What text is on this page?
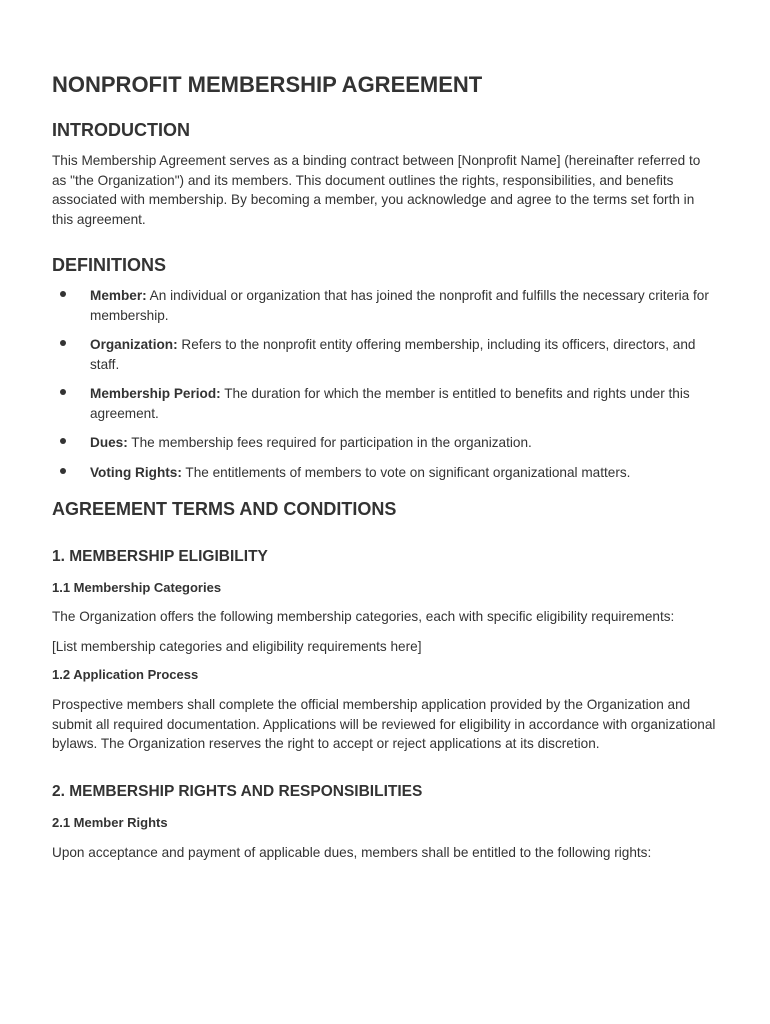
NONPROFIT MEMBERSHIP AGREEMENT
INTRODUCTION

This Membership Agreement serves as a binding contract between [Nonprofit Name] (hereinafter referred to as "the Organization") and its members. This document outlines the rights, responsibilities, and benefits associated with membership. By becoming a member, you acknowledge and agree to the terms set forth in this agreement.

DEFINITIONS
Member: An individual or organization that has joined the nonprofit and fulfills the necessary criteria for membership.
Organization: Refers to the nonprofit entity offering membership, including its officers, directors, and staff.
Membership Period: The duration for which the member is entitled to benefits and rights under this agreement.
Dues: The membership fees required for participation in the organization.
Voting Rights: The entitlements of members to vote on significant organizational matters.
AGREEMENT TERMS AND CONDITIONS
1. MEMBERSHIP ELIGIBILITY
1.1 Membership Categories

The Organization offers the following membership categories, each with specific eligibility requirements:

[List membership categories and eligibility requirements here]

1.2 Application Process

Prospective members shall complete the official membership application provided by the Organization and submit all required documentation. Applications will be reviewed for eligibility in accordance with organizational bylaws. The Organization reserves the right to accept or reject applications at its discretion.

2. MEMBERSHIP RIGHTS AND RESPONSIBILITIES
2.1 Member Rights

Upon acceptance and payment of applicable dues, members shall be entitled to the following rights:
